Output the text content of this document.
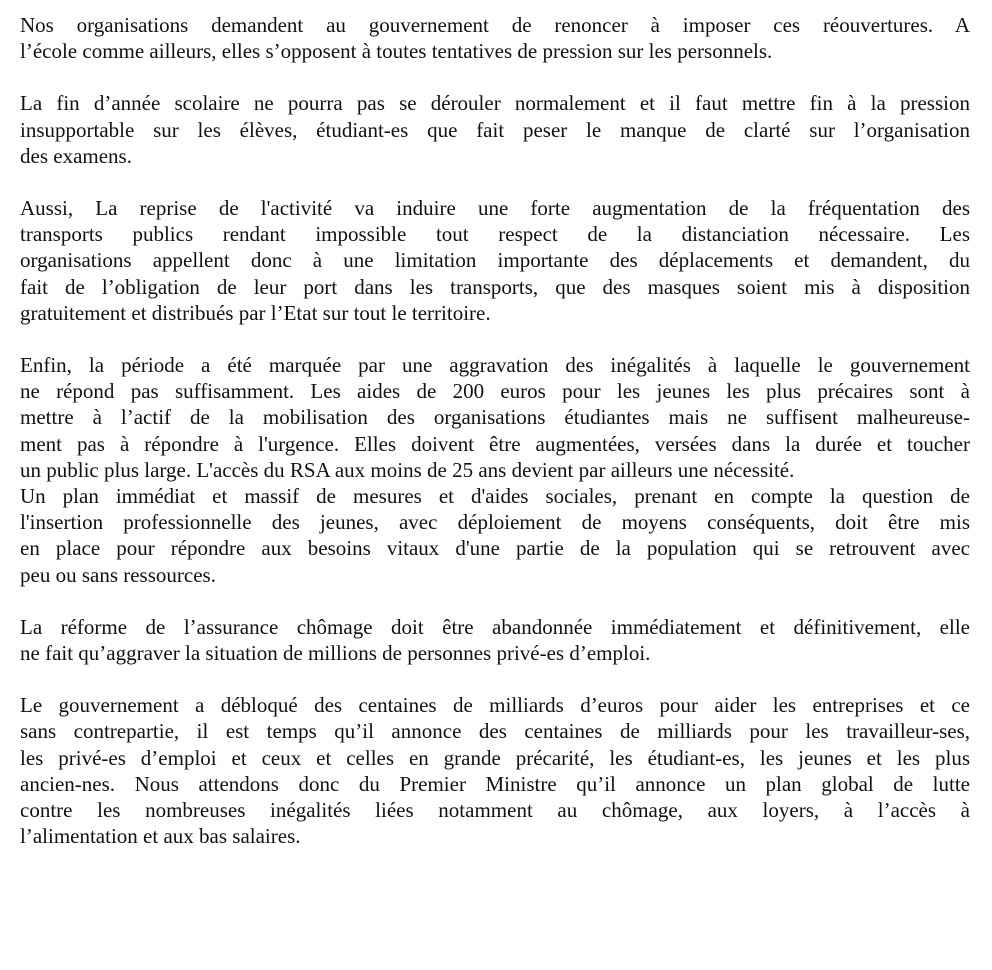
Nos organisations demandent au gouvernement de renoncer à imposer ces réouvertures. A
l’école comme ailleurs, elles s’opposent à toutes tentatives de pression sur les personnels.

La fin d’année scolaire ne pourra pas se dérouler normalement et il faut mettre fin à la pression
insupportable sur les élèves, étudiant-es que fait peser le manque de clarté sur l’organisation
des examens.

Aussi, La reprise de l'activité va induire une forte augmentation de la fréquentation des
transports publics rendant impossible tout respect de la distanciation nécessaire. Les
organisations appellent donc à une limitation importante des déplacements et demandent, du
fait de l’obligation de leur port dans les transports, que des masques soient mis à disposition
gratuitement et distribués par l’Etat sur tout le territoire.

Enfin, la période a été marquée par une aggravation des inégalités à laquelle le gouvernement
ne répond pas suffisamment. Les aides de 200 euros pour les jeunes les plus précaires sont à
mettre à l’actif de la mobilisation des organisations étudiantes mais ne suffisent malheureuse-
ment pas à répondre à l'urgence. Elles doivent être augmentées, versées dans la durée et toucher
un public plus large. L'accès du RSA aux moins de 25 ans devient par ailleurs une nécessité.
Un plan immédiat et massif de mesures et d'aides sociales, prenant en compte la question de
l'insertion professionnelle des jeunes, avec déploiement de moyens conséquents, doit être mis
en place pour répondre aux besoins vitaux d'une partie de la population qui se retrouvent avec
peu ou sans ressources.

La réforme de l’assurance chômage doit être abandonnée immédiatement et définitivement, elle
ne fait qu’aggraver la situation de millions de personnes privé-es d’emploi.

Le gouvernement a débloqué des centaines de milliards d’euros pour aider les entreprises et ce
sans contrepartie, il est temps qu’il annonce des centaines de milliards pour les travailleur-ses,
les privé-es d’emploi et ceux et celles en grande précarité, les étudiant-es, les jeunes et les plus
ancien-nes. Nous attendons donc du Premier Ministre qu’il annonce un plan global de lutte
contre les nombreuses inégalités liées notamment au chômage, aux loyers, à l’accès à
l’alimentation et aux bas salaires.
